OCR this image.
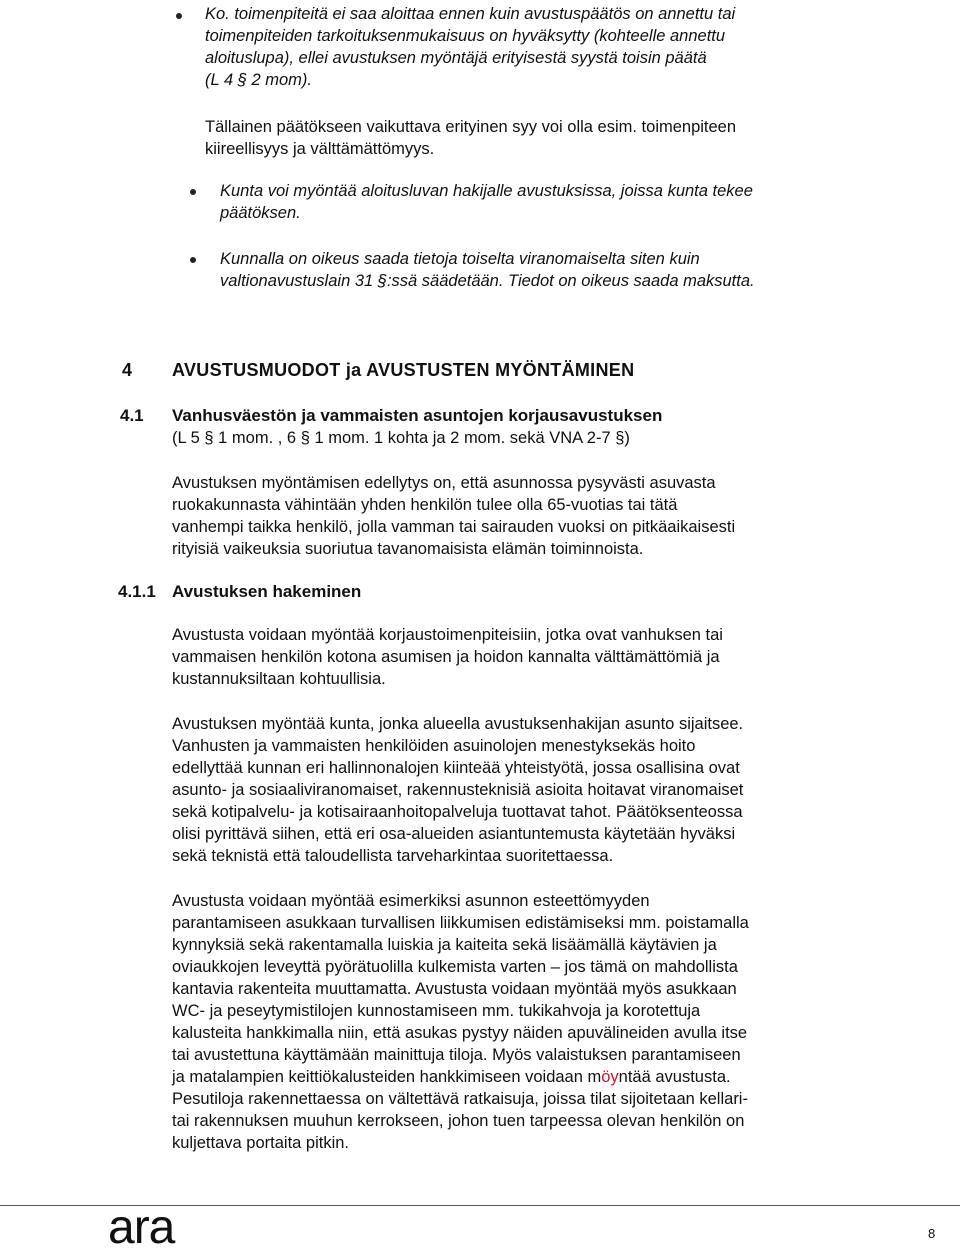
Ko. toimenpiteitä ei saa aloittaa ennen kuin avustuspäätös on annettu tai
toimenpiteiden tarkoituksenmukaisuus on hyväksytty (kohteelle annettu
aloituslupa), ellei avustuksen myöntäjä erityisestä syystä toisin päätä
(L 4 § 2 mom).
Tällainen päätökseen vaikuttava erityinen syy voi olla esim. toimenpiteen
kiireellisyys ja välttämättömyys.
Kunta voi myöntää aloitusluvan hakijalle avustuksissa, joissa kunta tekee
päätöksen.
Kunnalla on oikeus saada tietoja toiselta viranomaiselta siten kuin
valtionavustuslain 31 §:ssä säädetään. Tiedot on oikeus saada maksutta.
4 AVUSTUSMUODOT ja AVUSTUSTEN MYÖNTÄMINEN
4.1 Vanhusväestön ja vammaisten asuntojen korjausavustuksen
(L 5 § 1 mom. , 6 § 1 mom. 1 kohta ja 2 mom. sekä VNA 2-7 §)
Avustuksen myöntämisen edellytys on, että asunnossa pysyvästi asuvasta
ruokakunnasta vähintään yhden henkilön tulee olla 65-vuotias tai tätä
vanhempi taikka henkilö, jolla vamman tai sairauden vuoksi on pitkäaikaisesti
rityisiä vaikeuksia suoriutua tavanomaisista elämän toiminnoista.
4.1.1 Avustuksen hakeminen
Avustusta voidaan myöntää korjaustoimenpiteisiin, jotka ovat vanhuksen tai
vammaisen henkilön kotona asumisen ja hoidon kannalta välttämättömiä ja
kustannuksiltaan kohtuullisia.
Avustuksen myöntää kunta, jonka alueella avustuksenhakijan asunto sijaitsee.
Vanhusten ja vammaisten henkilöiden asuinolojen menestyksekäs hoito
edellyttää kunnan eri hallinnonalojen kiinteää yhteistyötä, jossa osallisina ovat
asunto- ja sosiaaliviranomaiset, rakennusteknisiä asioita hoitavat viranomaiset
sekä kotipalvelu- ja kotisairaanhoitopalveluja tuottavat tahot. Päätöksenteossa
olisi pyrittävä siihen, että eri osa-alueiden asiantuntemusta käytetään hyväksi
sekä teknistä että taloudellista tarveharkintaa suoritettaessa.
Avustusta voidaan myöntää esimerkiksi asunnon esteettömyyden
parantamiseen asukkaan turvallisen liikkumisen edistämiseksi mm. poistamalla
kynnyksiä sekä rakentamalla luiskia ja kaiteita sekä lisäämällä käytävien ja
oviaukkojen leveyttä pyörätuolilla kulkemista varten – jos tämä on mahdollista
kantavia rakenteita muuttamatta. Avustusta voidaan myöntää myös asukkaan
WC- ja peseytymistilojen kunnostamiseen mm. tukikahvoja ja korotettuja
kalusteita hankkimalla niin, että asukas pystyy näiden apuvälineiden avulla itse
tai avustettuna käyttämään mainittuja tiloja. Myös valaistuksen parantamiseen
ja matalampien keittiökalusteiden hankkimiseen voidaan möyntää avustusta.
Pesutiloja rakennettaessa on vältettävä ratkaisuja, joissa tilat sijoitetaan kellari-
tai rakennuksen muuhun kerrokseen, johon tuen tarpeessa olevan henkilön on
kuljettava portaita pitkin.
ara	8
